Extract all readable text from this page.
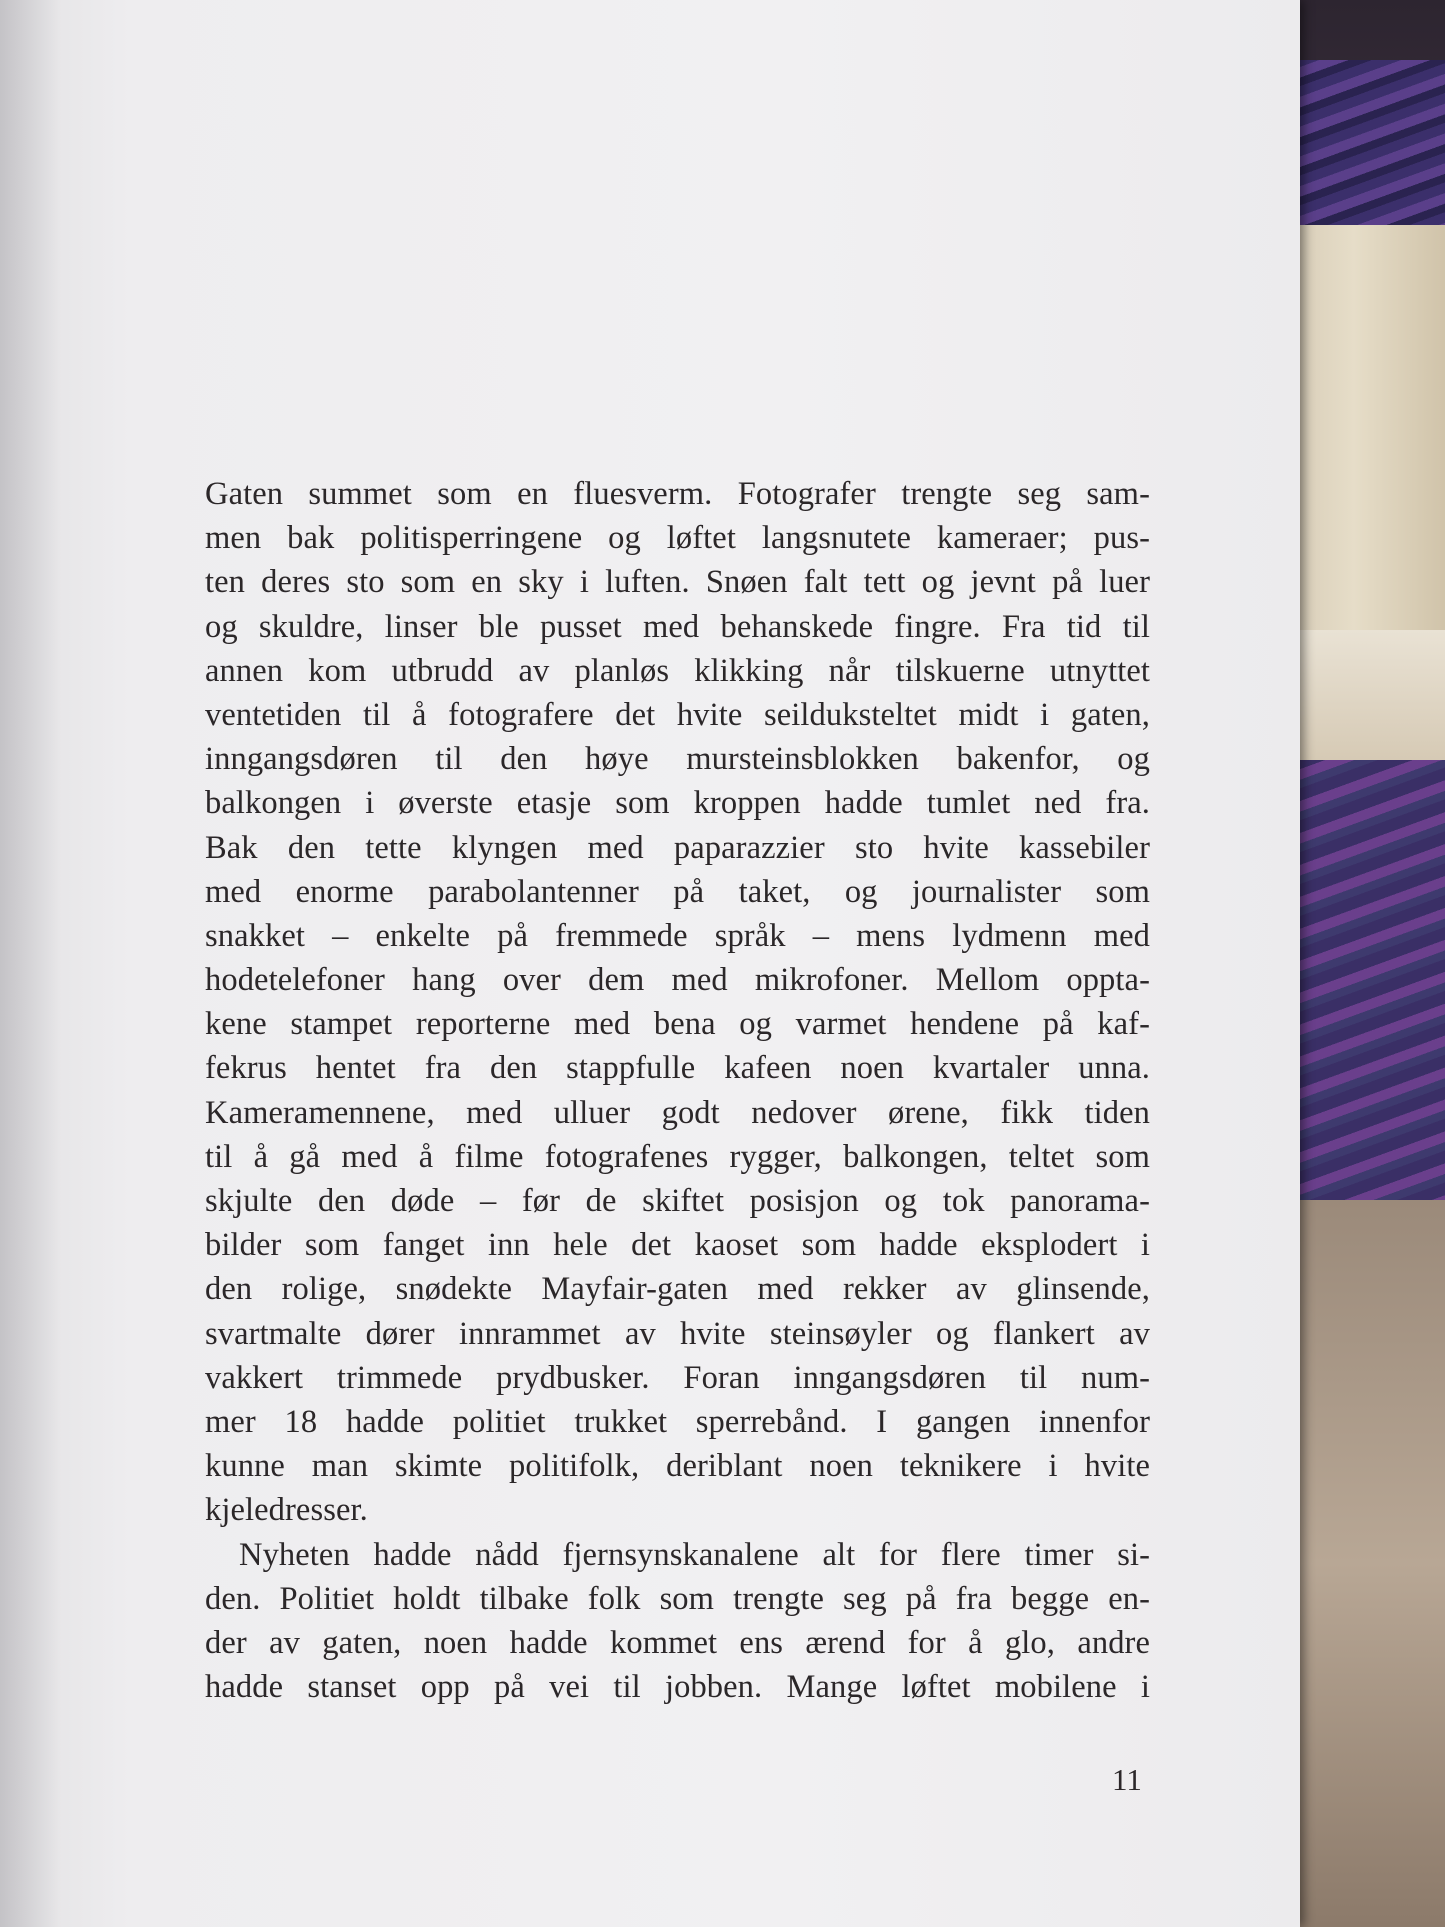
Gaten summet som en fluesverm. Fotografer trengte seg sam-
men bak politisperringene og løftet langsnutete kameraer; pus-
ten deres sto som en sky i luften. Snøen falt tett og jevnt på luer
og skuldre, linser ble pusset med behanskede fingre. Fra tid til
annen kom utbrudd av planløs klikking når tilskuerne utnyttet
ventetiden til å fotografere det hvite seilduksteltet midt i gaten,
inngangsdøren til den høye mursteinsblokken bakenfor, og
balkongen i øverste etasje som kroppen hadde tumlet ned fra.
Bak den tette klyngen med paparazzier sto hvite kassebiler
med enorme parabolantenner på taket, og journalister som
snakket – enkelte på fremmede språk – mens lydmenn med
hodetelefoner hang over dem med mikrofoner. Mellom oppta-
kene stampet reporterne med bena og varmet hendene på kaf-
fekrus hentet fra den stappfulle kafeen noen kvartaler unna.
Kameramennene, med ulluer godt nedover ørene, fikk tiden
til å gå med å filme fotografenes rygger, balkongen, teltet som
skjulte den døde – før de skiftet posisjon og tok panorama-
bilder som fanget inn hele det kaoset som hadde eksplodert i
den rolige, snødekte Mayfair-gaten med rekker av glinsende,
svartmalte dører innrammet av hvite steinsøyler og flankert av
vakkert trimmede prydbusker. Foran inngangsdøren til num-
mer 18 hadde politiet trukket sperrebånd. I gangen innenfor
kunne man skimte politifolk, deriblant noen teknikere i hvite
kjeledresser.
Nyheten hadde nådd fjernsynskanalene alt for flere timer si-
den. Politiet holdt tilbake folk som trengte seg på fra begge en-
der av gaten, noen hadde kommet ens ærend for å glo, andre
hadde stanset opp på vei til jobben. Mange løftet mobilene i
11
